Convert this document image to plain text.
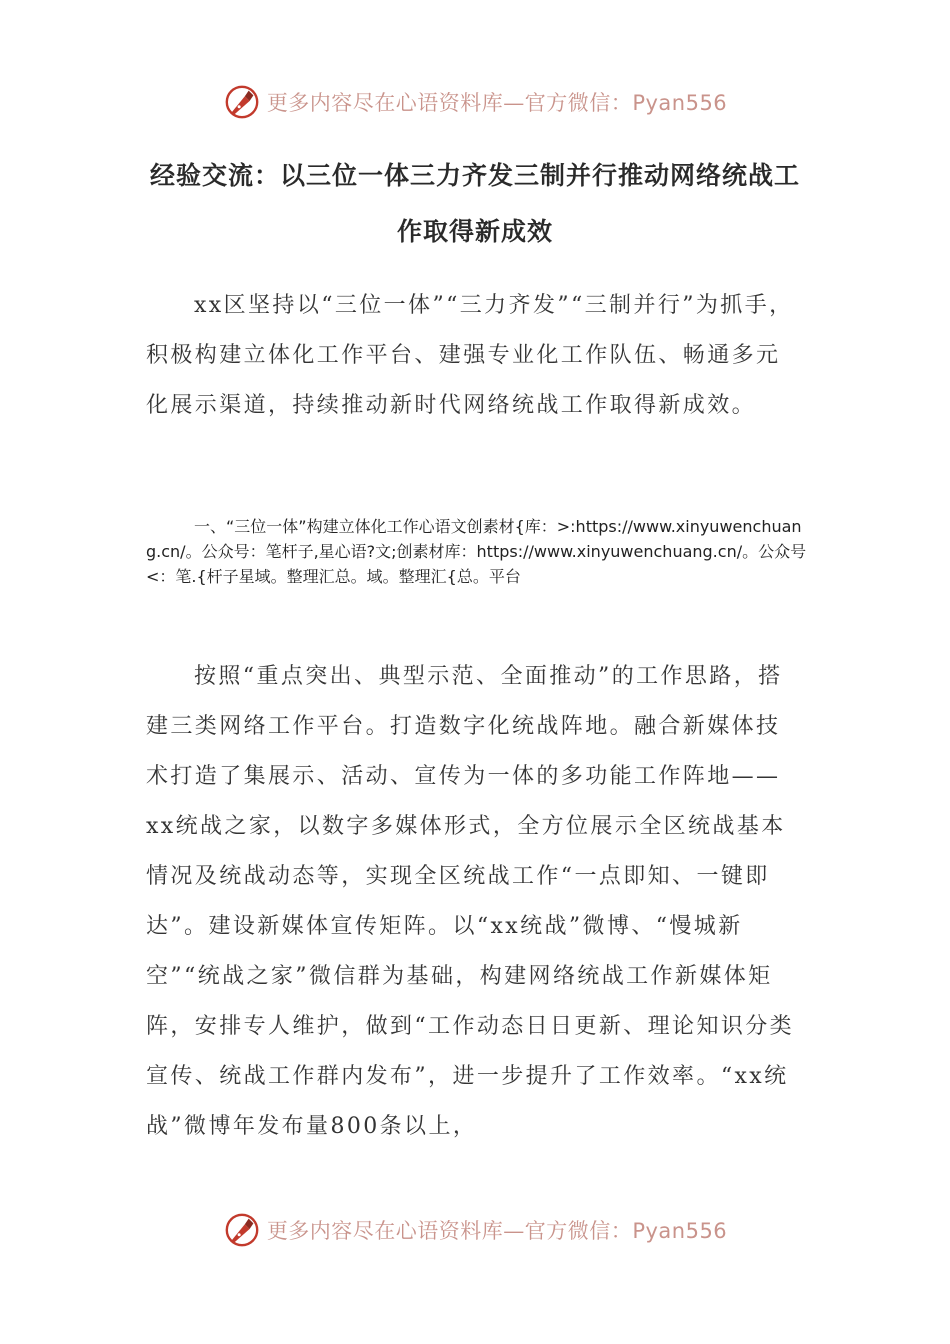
更多内容尽在心语资料库—官方微信：Pyan556
经验交流：以三位一体三力齐发三制并行推动网络统战工作取得新成效

xx区坚持以“三位一体”“三力齐发”“三制并行”为抓手，积极构建立体化工作平台、建强专业化工作队伍、畅通多元化展示渠道，持续推动新时代网络统战工作取得新成效。

一、“三位一体”构建立体化工作心语文创素材{库：>:https://www.xinyuwenchuang.cn/。公众号：笔杆子,星心语?文;创素材库：https://www.xinyuwenchuang.cn/。公众号<：笔.{杆子星域。整理汇总。域。整理汇{总。平台

按照“重点突出、典型示范、全面推动”的工作思路，搭建三类网络工作平台。打造数字化统战阵地。融合新媒体技术打造了集展示、活动、宣传为一体的多功能工作阵地——xx统战之家，以数字多媒体形式，全方位展示全区统战基本情况及统战动态等，实现全区统战工作“一点即知、一键即达”。建设新媒体宣传矩阵。以“xx统战”微博、“慢城新空”“统战之家”微信群为基础，构建网络统战工作新媒体矩阵，安排专人维护，做到“工作动态日日更新、理论知识分类宣传、统战工作群内发布”，进一步提升了工作效率。“xx统战”微博年发布量800条以上，

更多内容尽在心语资料库—官方微信：Pyan556
